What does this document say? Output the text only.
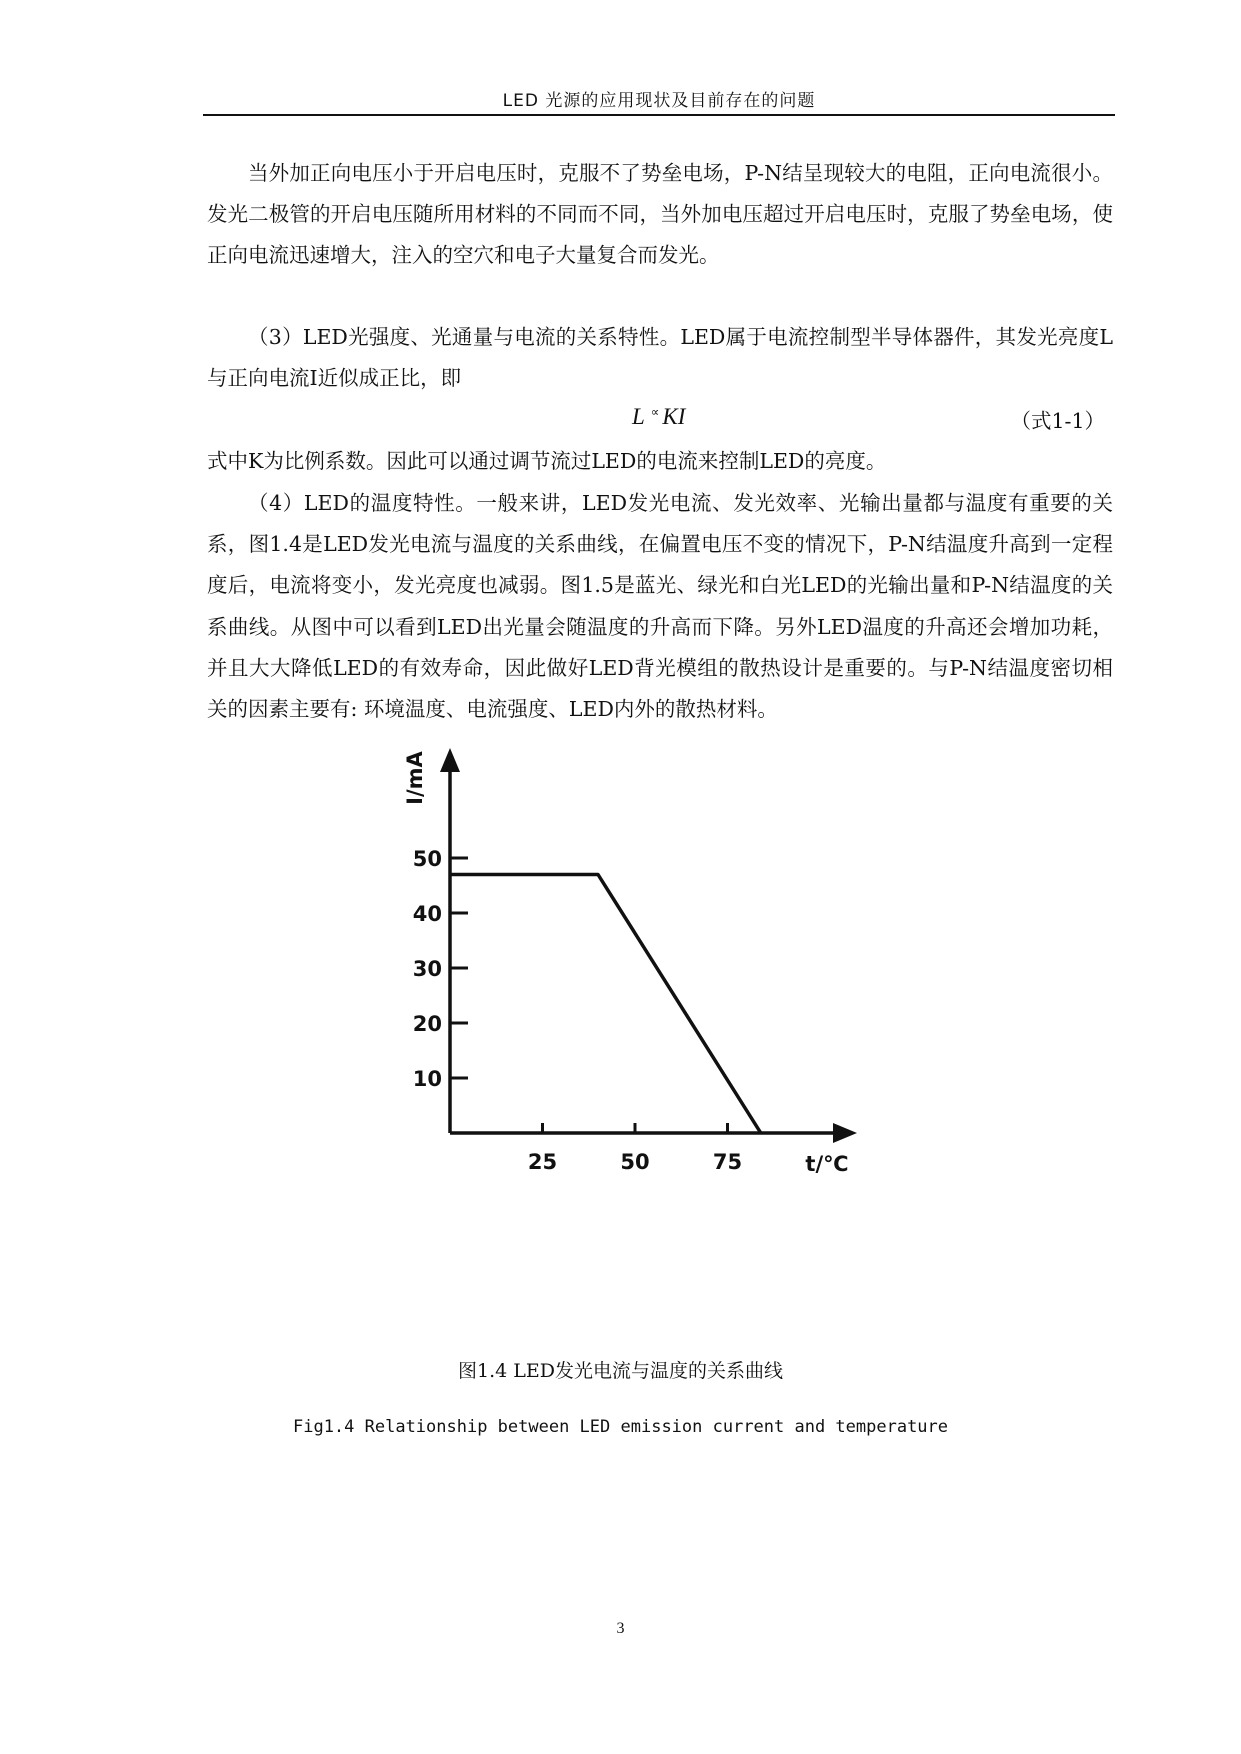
LED 光源的应用现状及目前存在的问题

当外加正向电压小于开启电压时，克服不了势垒电场，P-N结呈现较大的电阻，正向电流很小。发光二极管的开启电压随所用材料的不同而不同，当外加电压超过开启电压时，克服了势垒电场，使正向电流迅速增大，注入的空穴和电子大量复合而发光。

（3）LED光强度、光通量与电流的关系特性。LED属于电流控制型半导体器件，其发光亮度L与正向电流I近似成正比，即

L ∝ KI	（式1-1）

式中K为比例系数。因此可以通过调节流过LED的电流来控制LED的亮度。

（4）LED的温度特性。一般来讲，LED发光电流、发光效率、光输出量都与温度有重要的关系，图1.4是LED发光电流与温度的关系曲线，在偏置电压不变的情况下，P-N结温度升高到一定程度后，电流将变小，发光亮度也减弱。图1.5是蓝光、绿光和白光LED的光输出量和P-N结温度的关系曲线。从图中可以看到LED出光量会随温度的升高而下降。另外LED温度的升高还会增加功耗，并且大大降低LED的有效寿命，因此做好LED背光模组的散热设计是重要的。与P-N结温度密切相关的因素主要有: 环境温度、电流强度、LED内外的散热材料。

10
20
30
40
50
25	50	75
I/mA
t/℃
图1.4 LED发光电流与温度的关系曲线
Fig1.4 Relationship between LED emission current and temperature
3
